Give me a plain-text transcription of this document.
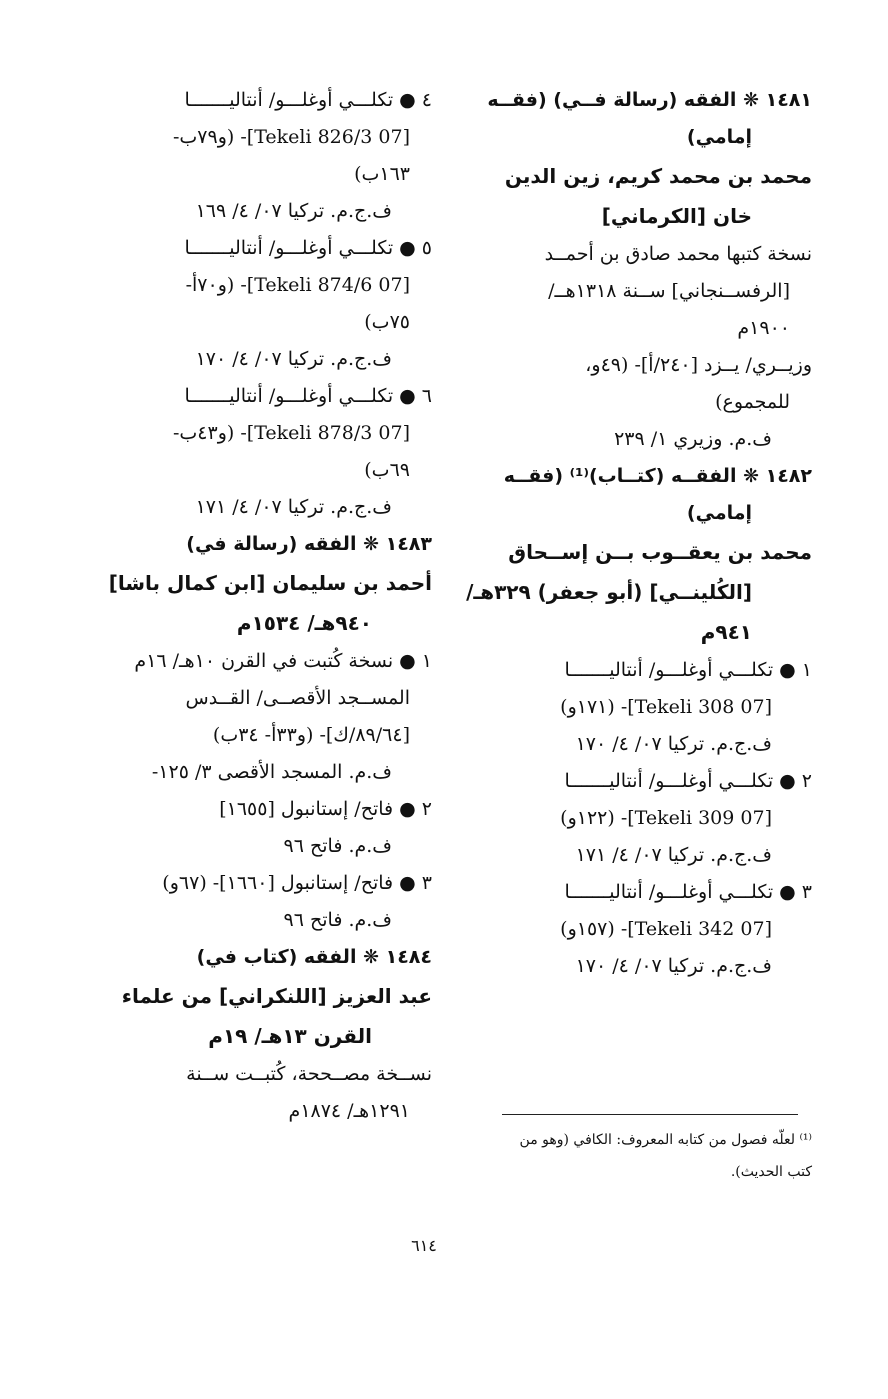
١٤٨١ ❋ الفقه (رسالة فــي) (فقــه
إمامي)
محمد بن محمد كريم، زين الدين
خان [الكرماني]
نسخة كتبها محمد صادق بن أحمــد
[الرفســنجاني] ســنة ١٣١٨هــ/
١٩٠٠م
وزيــري/ يــزد [٢٤٠/أ]- (٤٩و،
للمجموع)
ف.م. وزيري ١/ ٢٣٩
١٤٨٢ ❋ الفقــه (كتــاب)⁽¹⁾ (فقــه
إمامي)
محمد بن يعقــوب بــن إســحاق
[الكُلينــي] (أبو جعفر) ٣٢٩هـ/
٩٤١م
١ ● تكلـــي أوغلـــو/ أنتاليـــــــا
[07 Tekeli 308]- (١٧١و)
ف.ج.م. تركيا ٠٧/ ٤/ ١٧٠
٢ ● تكلـــي أوغلـــو/ أنتاليـــــــا
[07 Tekeli 309]- (١٢٢و)
ف.ج.م. تركيا ٠٧/ ٤/ ١٧١
٣ ● تكلـــي أوغلـــو/ أنتاليـــــــا
[07 Tekeli 342]- (١٥٧و)
ف.ج.م. تركيا ٠٧/ ٤/ ١٧٠
٤ ● تكلـــي أوغلـــو/ أنتاليـــــــا
[07 Tekeli 826/3]- (و٧٩ب-
١٦٣ب)
ف.ج.م. تركيا ٠٧/ ٤/ ١٦٩
٥ ● تكلـــي أوغلـــو/ أنتاليـــــــا
[07 Tekeli 874/6]- (و٧٠أ-
٧٥ب)
ف.ج.م. تركيا ٠٧/ ٤/ ١٧٠
٦ ● تكلـــي أوغلـــو/ أنتاليـــــــا
[07 Tekeli 878/3]- (و٤٣ب-
٦٩ب)
ف.ج.م. تركيا ٠٧/ ٤/ ١٧١
١٤٨٣ ❋ الفقه (رسالة في)
أحمد بن سليمان [ابن كمال باشا]
٩٤٠هـ/ ١٥٣٤م
١ ● نسخة كُتبت في القرن ١٠هـ/ ١٦م
المســجد الأقصــى/ القــدس
[٨٩/٦٤/ك]- (و٣٣أ- ٣٤ب)
ف.م. المسجد الأقصى ٣/ ١٢٥-
٢ ● فاتح/ إستانبول [١٦٥٥]
ف.م. فاتح ٩٦
٣ ● فاتح/ إستانبول [١٦٦٠]- (٦٧و)
ف.م. فاتح ٩٦
١٤٨٤ ❋ الفقه (كتاب في)
عبد العزيز [اللنكراني] من علماء
القرن ١٣هـ/ ١٩م
نســخة مصــححة، كُتبــت ســنة
١٢٩١هـ/ ١٨٧٤م
⁽¹⁾ لعلّه فصول من كتابه المعروف: الكافي (وهو من
كتب الحديث).
٦١٤
